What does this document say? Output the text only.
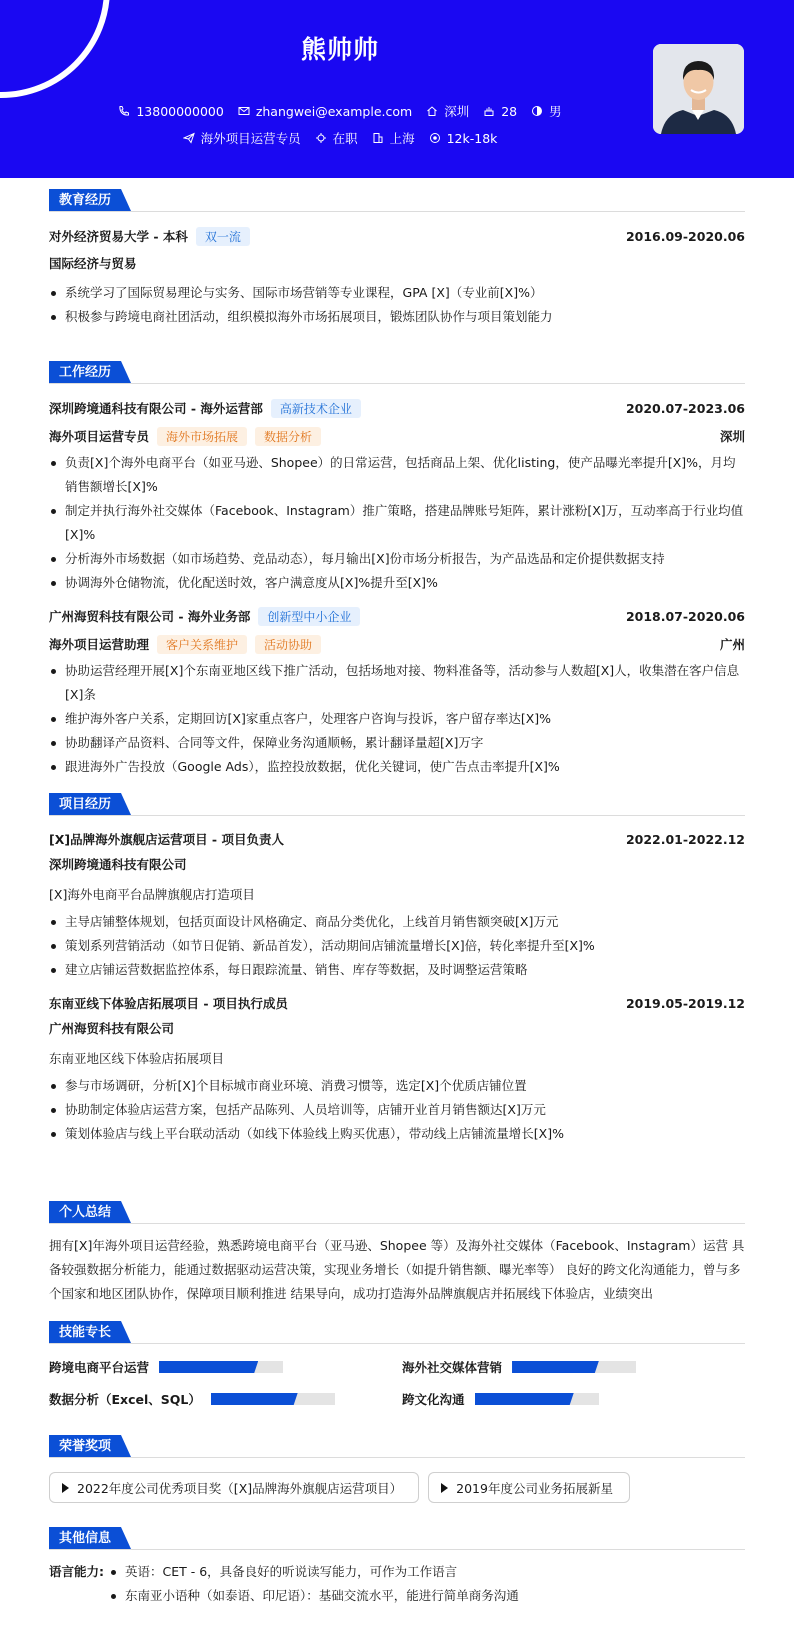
熊帅帅
13800000000	zhangwei@example.com	深圳	28	男
海外项目运营专员	在职	上海	12k-18k
教育经历
对外经济贸易大学 - 本科 双一流	2016.09-2020.06
国际经济与贸易
系统学习了国际贸易理论与实务、国际市场营销等专业课程，GPA [X]（专业前[X]%）
积极参与跨境电商社团活动，组织模拟海外市场拓展项目，锻炼团队协作与项目策划能力
工作经历
深圳跨境通科技有限公司 - 海外运营部 高新技术企业	2020.07-2023.06
海外项目运营专员 海外市场拓展 数据分析	深圳
负责[X]个海外电商平台（如亚马逊、Shopee）的日常运营，包括商品上架、优化listing，使产品曝光率提升[X]%，月均销售额增长[X]%
制定并执行海外社交媒体（Facebook、Instagram）推广策略，搭建品牌账号矩阵，累计涨粉[X]万，互动率高于行业均值[X]%
分析海外市场数据（如市场趋势、竞品动态），每月输出[X]份市场分析报告，为产品选品和定价提供数据支持
协调海外仓储物流，优化配送时效，客户满意度从[X]%提升至[X]%
广州海贸科技有限公司 - 海外业务部 创新型中小企业	2018.07-2020.06
海外项目运营助理 客户关系维护 活动协助	广州
协助运营经理开展[X]个东南亚地区线下推广活动，包括场地对接、物料准备等，活动参与人数超[X]人，收集潜在客户信息[X]条
维护海外客户关系，定期回访[X]家重点客户，处理客户咨询与投诉，客户留存率达[X]%
协助翻译产品资料、合同等文件，保障业务沟通顺畅，累计翻译量超[X]万字
跟进海外广告投放（Google Ads），监控投放数据，优化关键词，使广告点击率提升[X]%
项目经历
[X]品牌海外旗舰店运营项目 - 项目负责人	2022.01-2022.12
深圳跨境通科技有限公司
[X]海外电商平台品牌旗舰店打造项目
主导店铺整体规划，包括页面设计风格确定、商品分类优化，上线首月销售额突破[X]万元
策划系列营销活动（如节日促销、新品首发），活动期间店铺流量增长[X]倍，转化率提升至[X]%
建立店铺运营数据监控体系，每日跟踪流量、销售、库存等数据，及时调整运营策略
东南亚线下体验店拓展项目 - 项目执行成员	2019.05-2019.12
广州海贸科技有限公司
东南亚地区线下体验店拓展项目
参与市场调研，分析[X]个目标城市商业环境、消费习惯等，选定[X]个优质店铺位置
协助制定体验店运营方案，包括产品陈列、人员培训等，店铺开业首月销售额达[X]万元
策划体验店与线上平台联动活动（如线下体验线上购买优惠），带动线上店铺流量增长[X]%
个人总结

拥有[X]年海外项目运营经验，熟悉跨境电商平台（亚马逊、Shopee 等）及海外社交媒体（Facebook、Instagram）运营 具备较强数据分析能力，能通过数据驱动运营决策，实现业务增长（如提升销售额、曝光率等） 良好的跨文化沟通能力，曾与多个国家和地区团队协作，保障项目顺利推进 结果导向，成功打造海外品牌旗舰店并拓展线下体验店，业绩突出

技能专长
跨境电商平台运营	海外社交媒体营销
数据分析（Excel、SQL）	跨文化沟通
荣誉奖项
2022年度公司优秀项目奖（[X]品牌海外旗舰店运营项目）	2019年度公司业务拓展新星
其他信息
语言能力:	英语：CET - 6，具备良好的听说读写能力，可作为工作语言
东南亚小语种（如泰语、印尼语）：基础交流水平，能进行简单商务沟通
